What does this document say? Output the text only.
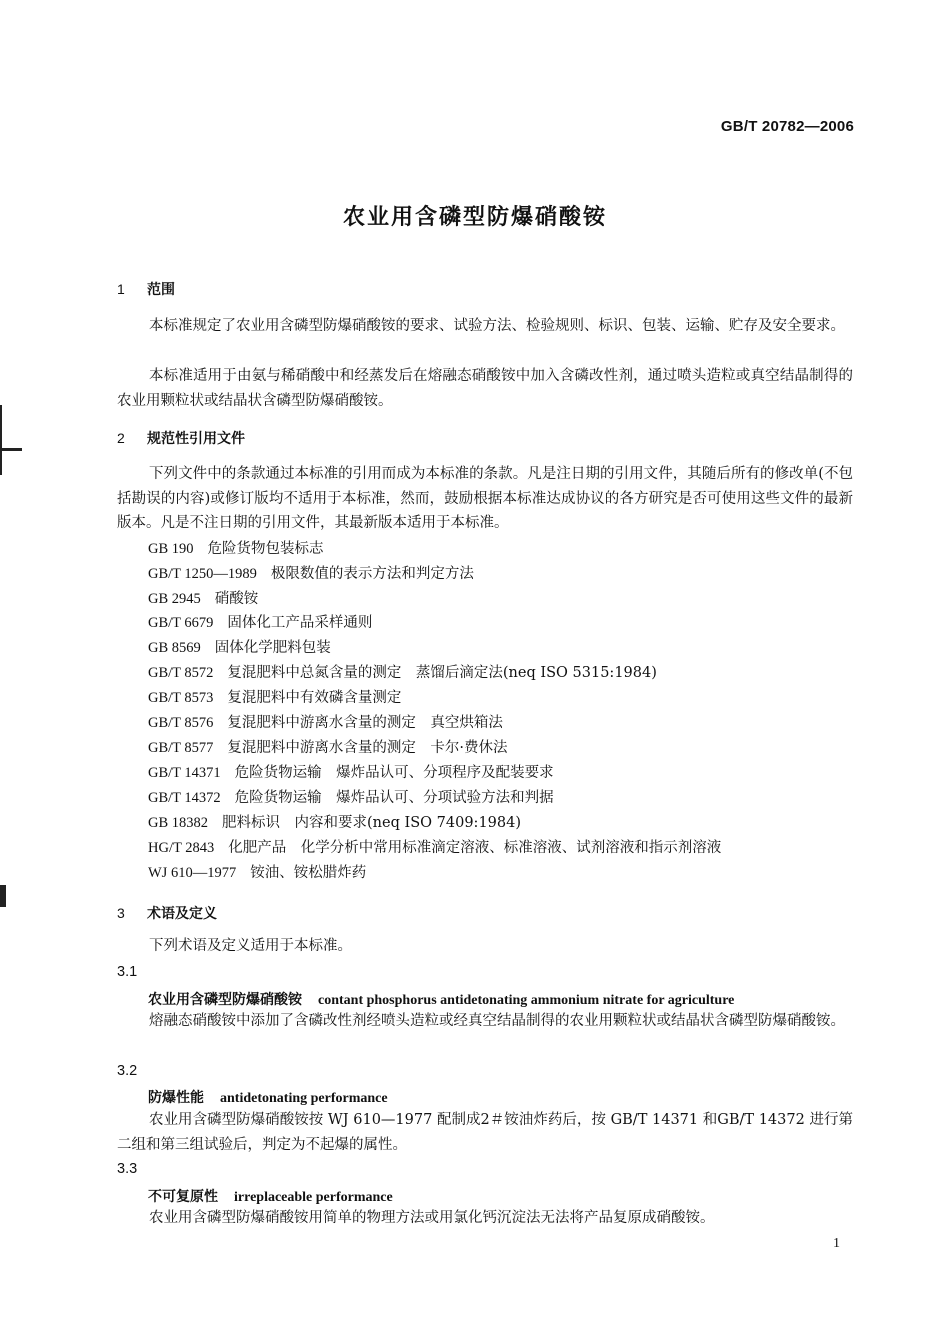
GB/T 20782—2006
农业用含磷型防爆硝酸铵
1 范围

本标准规定了农业用含磷型防爆硝酸铵的要求、试验方法、检验规则、标识、包装、运输、贮存及安全要求。

本标准适用于由氨与稀硝酸中和经蒸发后在熔融态硝酸铵中加入含磷改性剂，通过喷头造粒或真空结晶制得的农业用颗粒状或结晶状含磷型防爆硝酸铵。

2 规范性引用文件

下列文件中的条款通过本标准的引用而成为本标准的条款。凡是注日期的引用文件，其随后所有的修改单(不包括勘误的内容)或修订版均不适用于本标准，然而，鼓励根据本标准达成协议的各方研究是否可使用这些文件的最新版本。凡是不注日期的引用文件，其最新版本适用于本标准。

GB 190 危险货物包装标志
GB/T 1250—1989 极限数值的表示方法和判定方法
GB 2945 硝酸铵
GB/T 6679 固体化工产品采样通则
GB 8569 固体化学肥料包装
GB/T 8572 复混肥料中总氮含量的测定　蒸馏后滴定法(neq ISO 5315:1984)
GB/T 8573 复混肥料中有效磷含量测定
GB/T 8576 复混肥料中游离水含量的测定　真空烘箱法
GB/T 8577 复混肥料中游离水含量的测定　卡尔·费休法
GB/T 14371 危险货物运输　爆炸品认可、分项程序及配装要求
GB/T 14372 危险货物运输　爆炸品认可、分项试验方法和判据
GB 18382 肥料标识　内容和要求(neq ISO 7409:1984)
HG/T 2843 化肥产品　化学分析中常用标准滴定溶液、标准溶液、试剂溶液和指示剂溶液
WJ 610—1977 铵油、铵松腊炸药
3 术语及定义

下列术语及定义适用于本标准。

3.1
农业用含磷型防爆硝酸铵 contant phosphorus antidetonating ammonium nitrate for agriculture

熔融态硝酸铵中添加了含磷改性剂经喷头造粒或经真空结晶制得的农业用颗粒状或结晶状含磷型防爆硝酸铵。

3.2
防爆性能 antidetonating performance

农业用含磷型防爆硝酸铵按 WJ 610—1977 配制成2＃铵油炸药后，按 GB/T 14371 和GB/T 14372 进行第二组和第三组试验后，判定为不起爆的属性。

3.3
不可复原性 irreplaceable performance

农业用含磷型防爆硝酸铵用简单的物理方法或用氯化钙沉淀法无法将产品复原成硝酸铵。

1
